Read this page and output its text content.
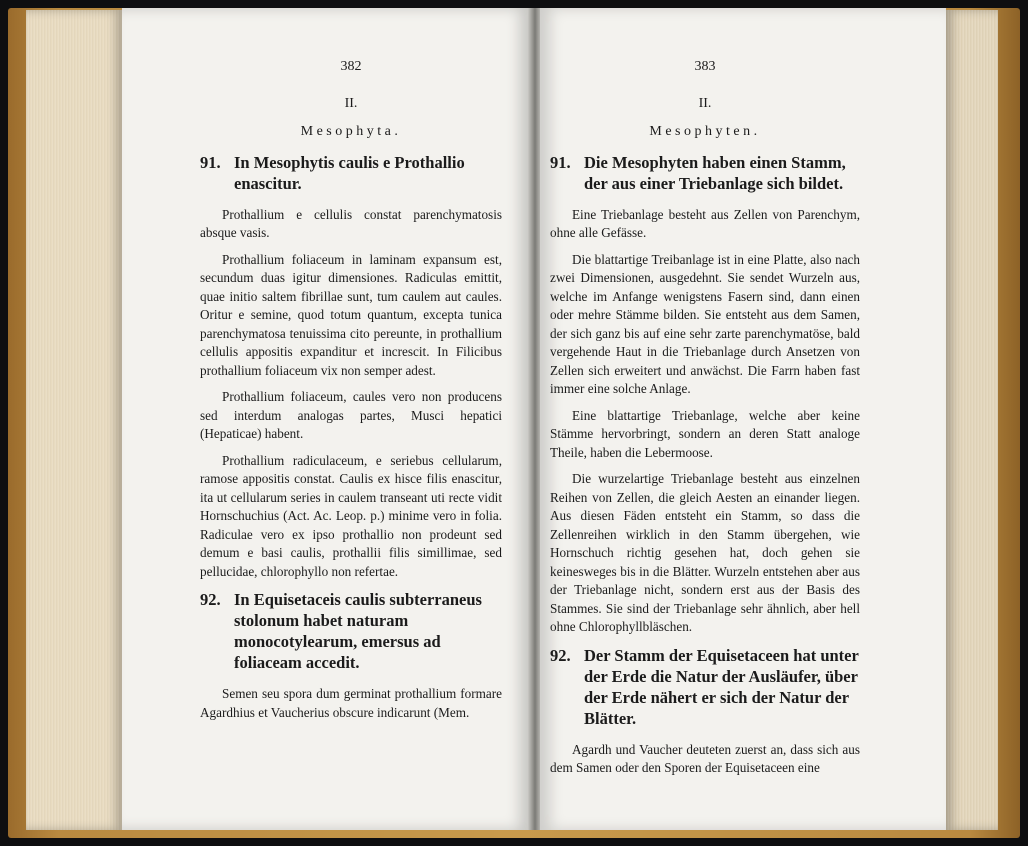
382
II.
Mesophyta.
91. In Mesophytis caulis e Prothallio enascitur.

Prothallium e cellulis constat parenchymatosis absque vasis.

Prothallium foliaceum in laminam expansum est, secundum duas igitur dimensiones. Radiculas emittit, quae initio saltem fibrillae sunt, tum caulem aut caules. Oritur e semine, quod totum quantum, excepta tunica parenchymatosa tenuissima cito pereunte, in prothallium cellulis appositis expanditur et increscit. In Filicibus prothallium foliaceum vix non semper adest.

Prothallium foliaceum, caules vero non producens sed interdum analogas partes, Musci hepatici (Hepaticae) habent.

Prothallium radiculaceum, e seriebus cellularum, ramose appositis constat. Caulis ex hisce filis enascitur, ita ut cellularum series in caulem transeant uti recte vidit Hornschuchius (Act. Ac. Leop. p.) minime vero in folia. Radiculae vero ex ipso prothallio non prodeunt sed demum e basi caulis, prothallii filis simillimae, sed pellucidae, chlorophyllo non refertae.

92. In Equisetaceis caulis subterraneus stolonum habet naturam monocotylearum, emersus ad foliaceam accedit.

Semen seu spora dum germinat prothallium formare Agardhius et Vaucherius obscure indicarunt (Mem.

383
II.
Mesophyten.
91. Die Mesophyten haben einen Stamm, der aus einer Triebanlage sich bildet.

Eine Triebanlage besteht aus Zellen von Parenchym, ohne alle Gefässe.

Die blattartige Treibanlage ist in eine Platte, also nach zwei Dimensionen, ausgedehnt. Sie sendet Wurzeln aus, welche im Anfange wenigstens Fasern sind, dann einen oder mehre Stämme bilden. Sie entsteht aus dem Samen, der sich ganz bis auf eine sehr zarte parenchymatöse, bald vergehende Haut in die Triebanlage durch Ansetzen von Zellen sich erweitert und anwächst. Die Farrn haben fast immer eine solche Anlage.

Eine blattartige Triebanlage, welche aber keine Stämme hervorbringt, sondern an deren Statt analoge Theile, haben die Lebermoose.

Die wurzelartige Triebanlage besteht aus einzelnen Reihen von Zellen, die gleich Aesten an einander liegen. Aus diesen Fäden entsteht ein Stamm, so dass die Zellenreihen wirklich in den Stamm übergehen, wie Hornschuch richtig gesehen hat, doch gehen sie keinesweges bis in die Blätter. Wurzeln entstehen aber aus der Triebanlage nicht, sondern erst aus der Basis des Stammes. Sie sind der Triebanlage sehr ähnlich, aber hell ohne Chlorophyllbläschen.

92. Der Stamm der Equisetaceen hat unter der Erde die Natur der Ausläufer, über der Erde nähert er sich der Natur der Blätter.

Agardh und Vaucher deuteten zuerst an, dass sich aus dem Samen oder den Sporen der Equisetaceen eine
